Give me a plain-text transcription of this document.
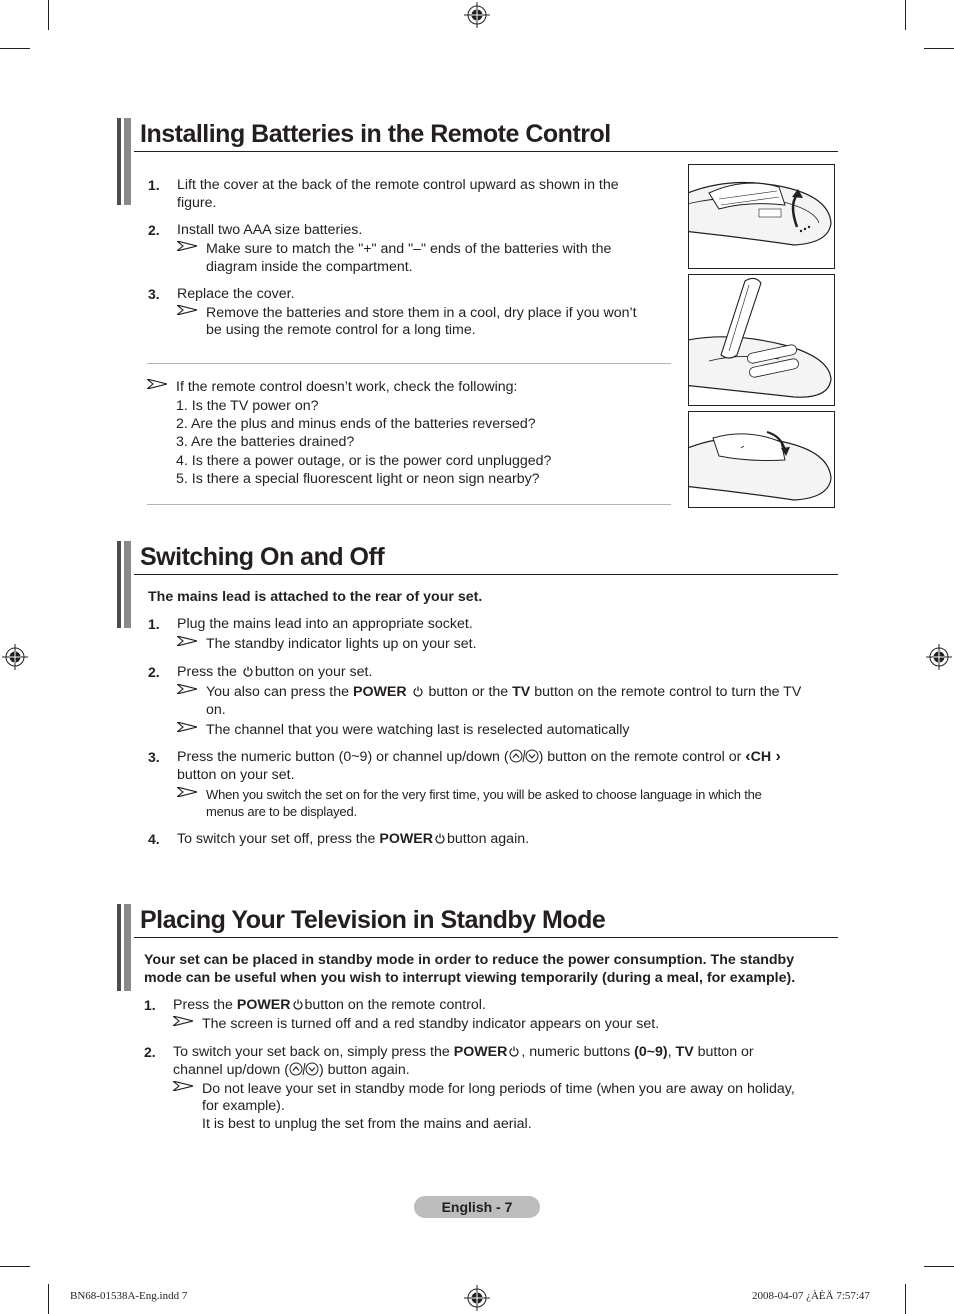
Installing Batteries in the Remote Control
1. Lift the cover at the back of the remote control upward as shown in the
figure.
2. Install two AAA size batteries.
Make sure to match the "+" and "–" ends of the batteries with the
diagram inside the compartment.
3. Replace the cover.
Remove the batteries and store them in a cool, dry place if you won’t
be using the remote control for a long time.
If the remote control doesn’t work, check the following:
1. Is the TV power on?
2. Are the plus and minus ends of the batteries reversed?
3. Are the batteries drained?
4. Is there a power outage, or is the power cord unplugged?
5. Is there a special fluorescent light or neon sign nearby?
Switching On and Off
The mains lead is attached to the rear of your set.
1. Plug the mains lead into an appropriate socket.
The standby indicator lights up on your set.
2. Press the button on your set.
You also can press the POWER button or the TV button on the remote control to turn the TV
on.
The channel that you were watching last is reselected automatically
3. Press the numeric button (0~9) or channel up/down ( ) button on the remote control or ‹CH ›
button on your set.
When you switch the set on for the very first time, you will be asked to choose language in which the
menus are to be displayed.
4. To switch your set off, press the POWER button again.
Placing Your Television in Standby Mode
Your set can be placed in standby mode in order to reduce the power consumption. The standby
mode can be useful when you wish to interrupt viewing temporarily (during a meal, for example).
1. Press the POWER button on the remote control.
The screen is turned off and a red standby indicator appears on your set.
2. To switch your set back on, simply press the POWER , numeric buttons (0~9), TV button or
channel up/down ( ) button again.
Do not leave your set in standby mode for long periods of time (when you are away on holiday,
for example).
It is best to unplug the set from the mains and aerial.
English - 7
BN68-01538A-Eng.indd 7	2008-04-07 ¿ÀÈÄ 7:57:47
